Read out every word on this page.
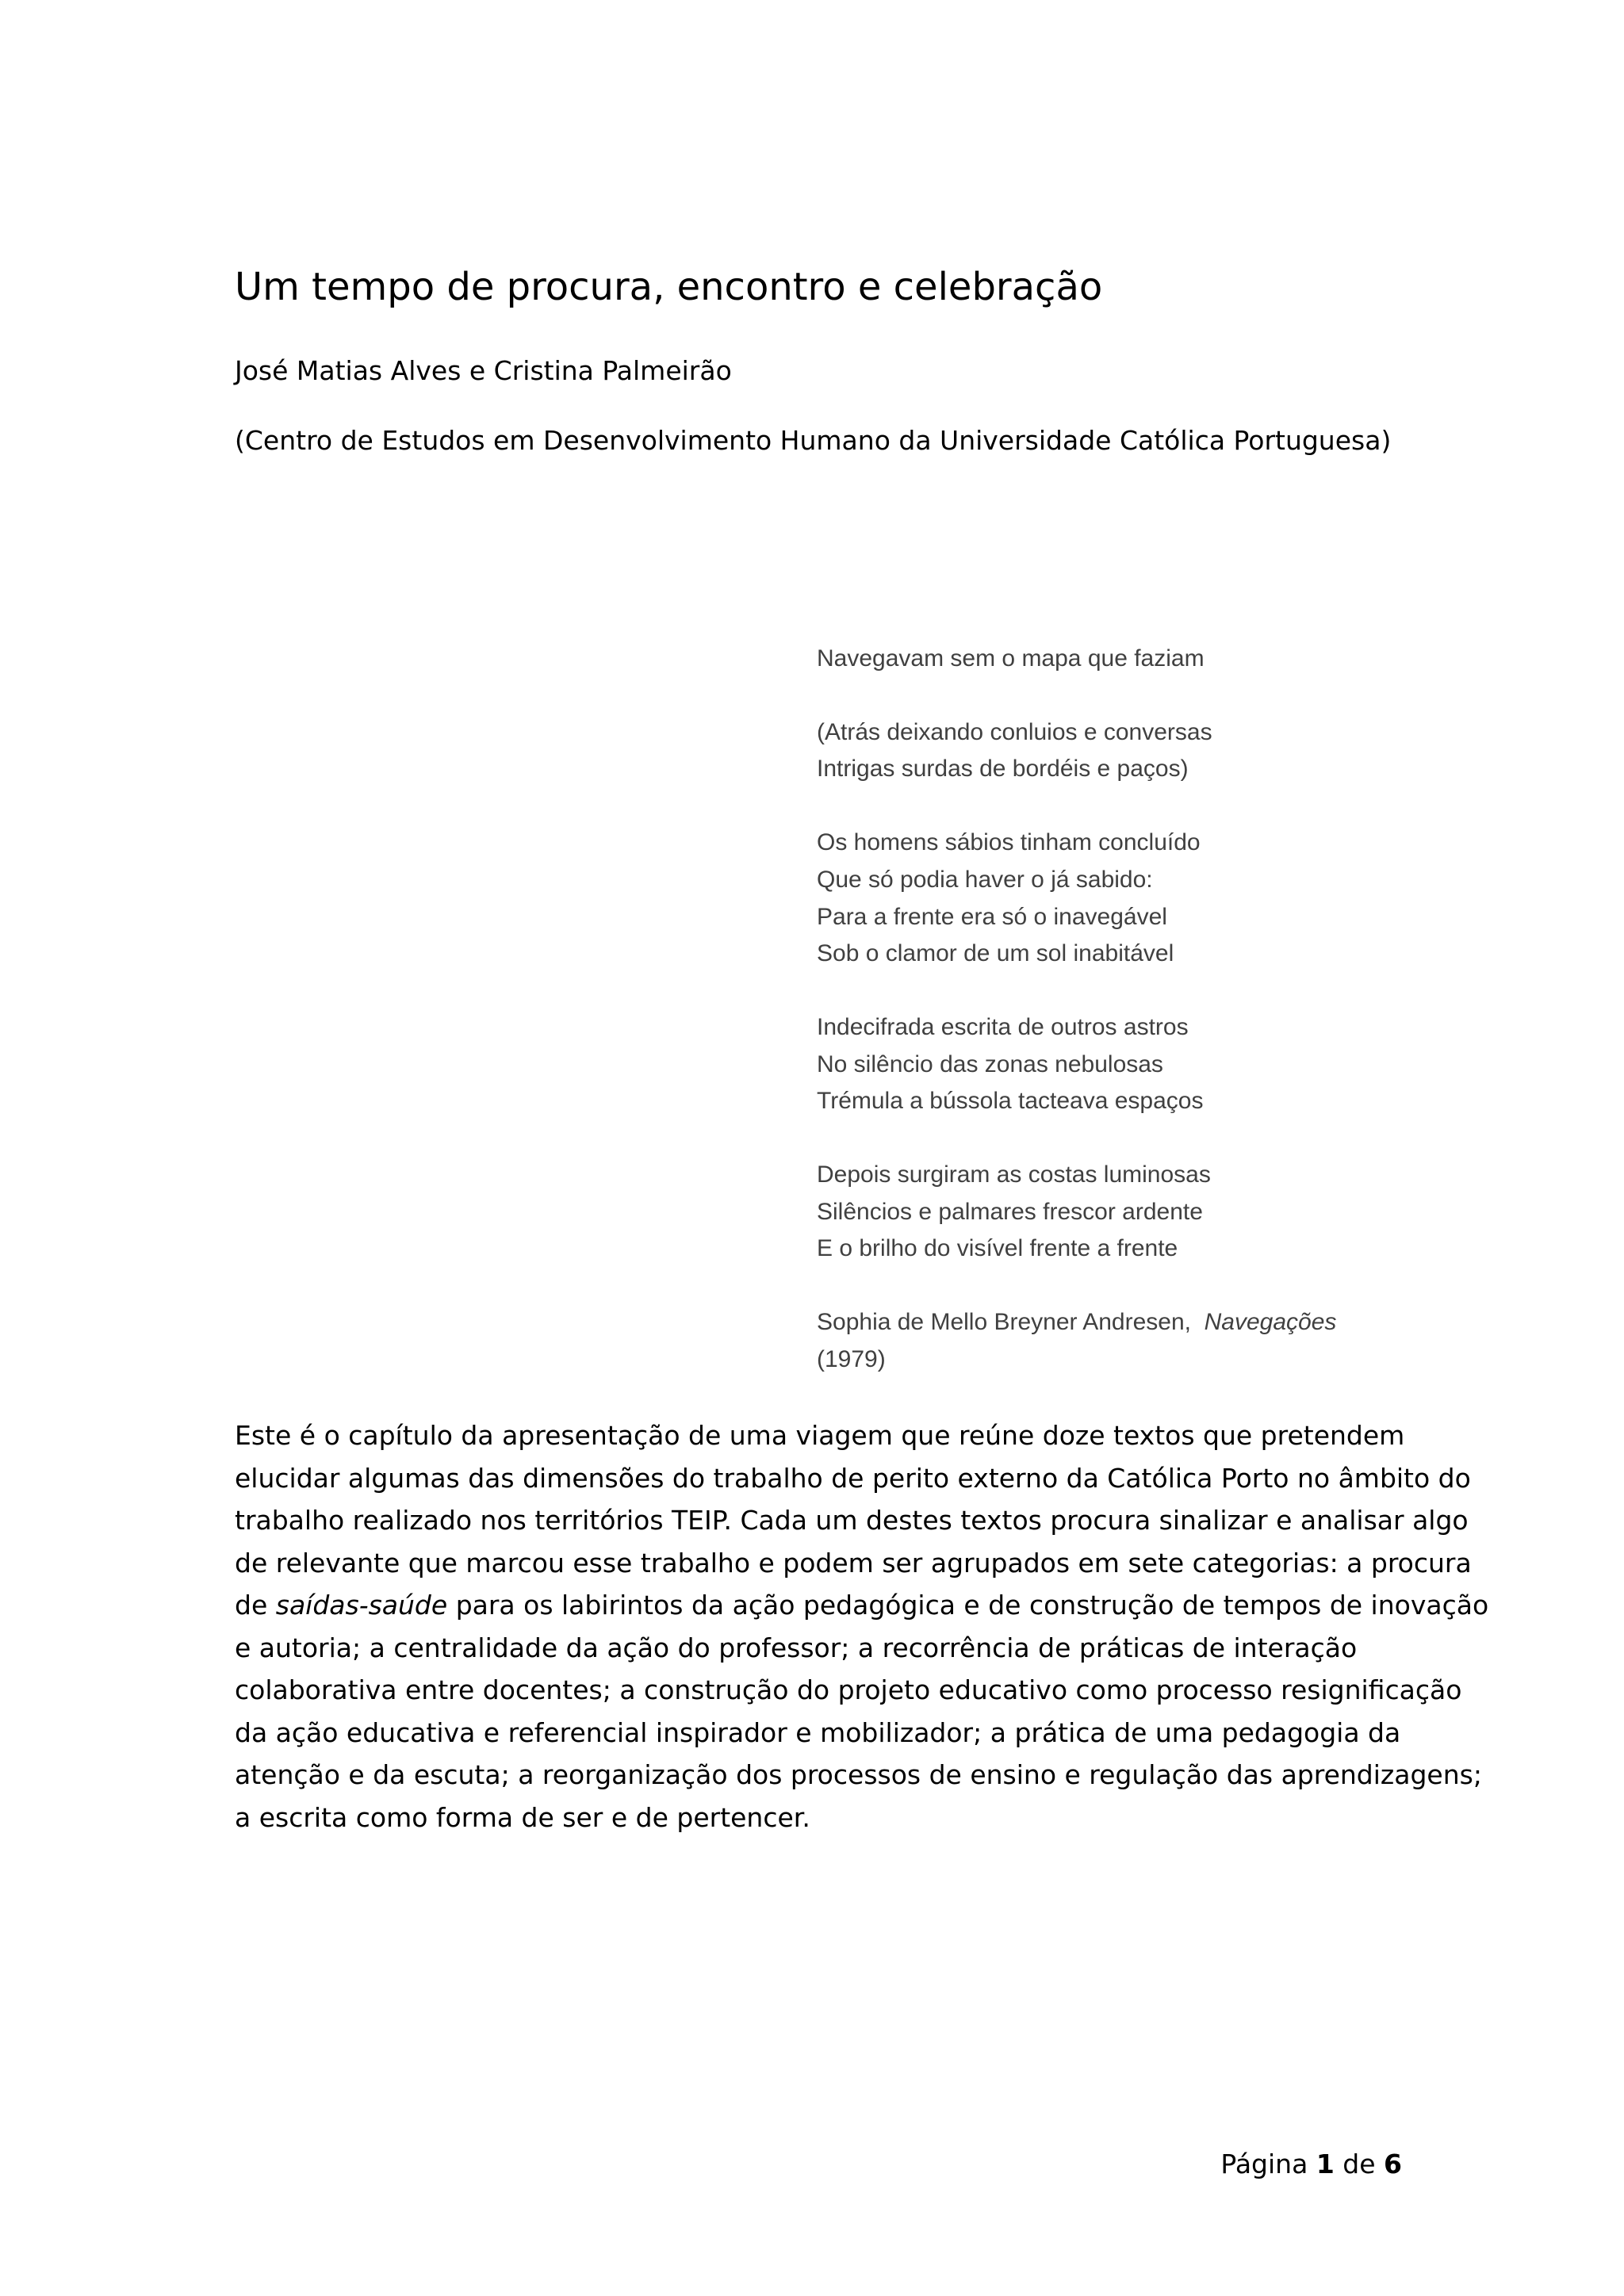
Um tempo de procura, encontro e celebração

José Matias Alves e Cristina Palmeirão

(Centro de Estudos em Desenvolvimento Humano da Universidade Católica Portuguesa)

Navegavam sem o mapa que faziam
(Atrás deixando conluios e conversas
Intrigas surdas de bordéis e paços)
Os homens sábios tinham concluído
Que só podia haver o já sabido:
Para a frente era só o inavegável
Sob o clamor de um sol inabitável
Indecifrada escrita de outros astros
No silêncio das zonas nebulosas
Trémula a bússola tacteava espaços
Depois surgiram as costas luminosas
Silêncios e palmares frescor ardente
E o brilho do visível frente a frente
Sophia de Mello Breyner Andresen, Navegações
(1979)

Este é o capítulo da apresentação de uma viagem que reúne doze textos que pretendem
elucidar algumas das dimensões do trabalho de perito externo da Católica Porto no âmbito do
trabalho realizado nos territórios TEIP. Cada um destes textos procura sinalizar e analisar algo
de relevante que marcou esse trabalho e podem ser agrupados em sete categorias: a procura
de saídas-saúde para os labirintos da ação pedagógica e de construção de tempos de inovação
e autoria; a centralidade da ação do professor; a recorrência de práticas de interação
colaborativa entre docentes; a construção do projeto educativo como processo resignificação
da ação educativa e referencial inspirador e mobilizador; a prática de uma pedagogia da
atenção e da escuta; a reorganização dos processos de ensino e regulação das aprendizagens;
a escrita como forma de ser e de pertencer.

Página 1 de 6
